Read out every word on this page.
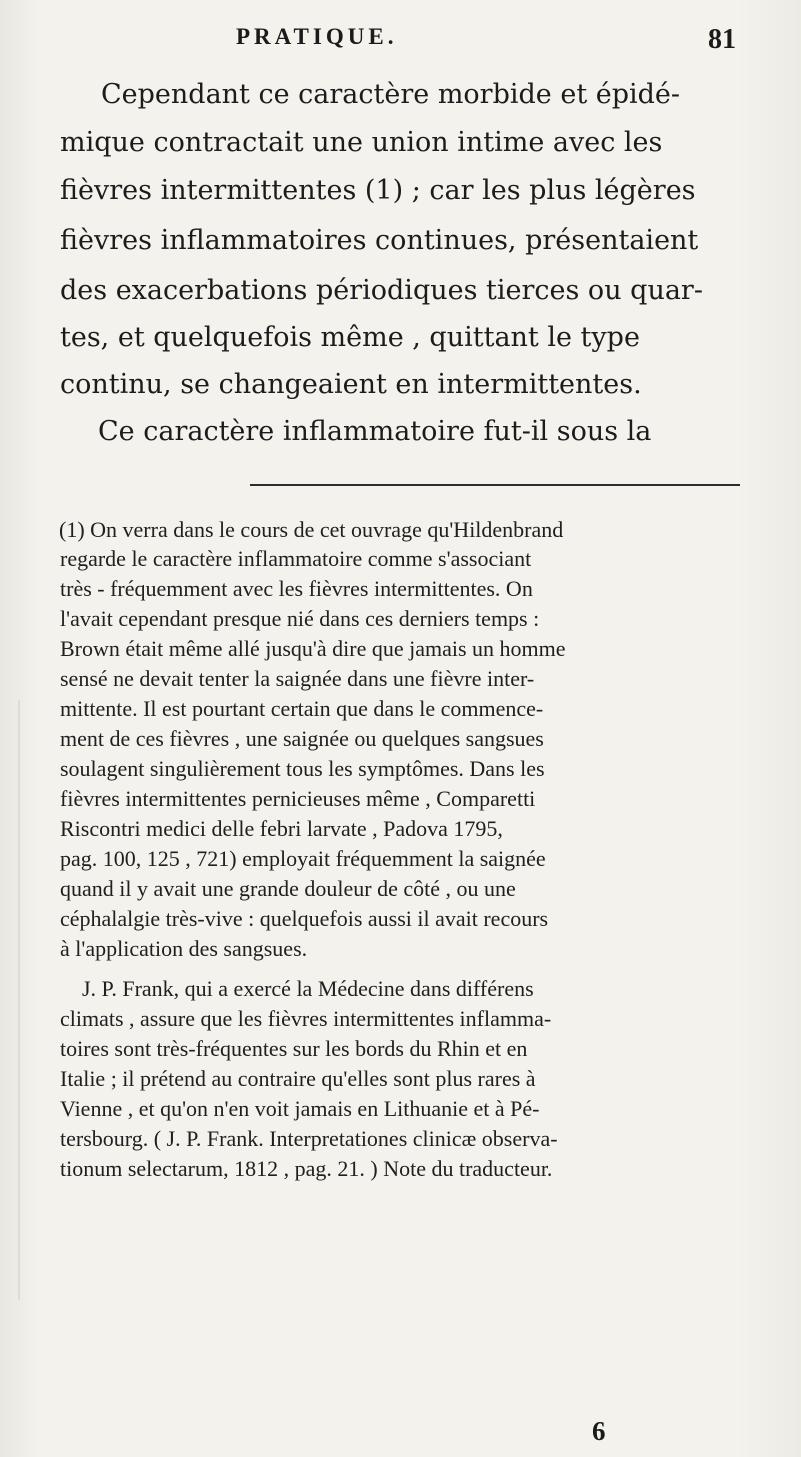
PRATIQUE.	81
Cependant ce caractère morbide et épidé-
mique contractait une union intime avec les
fièvres intermittentes (1) ; car les plus légères
fièvres inflammatoires continues, présentaient
des exacerbations périodiques tierces ou quar-
tes, et quelquefois même , quittant le type
continu, se changeaient en intermittentes.
Ce caractère inflammatoire fut-il sous la
(1) On verra dans le cours de cet ouvrage qu'Hildenbrand
regarde le caractère inflammatoire comme s'associant
très - fréquemment avec les fièvres intermittentes. On
l'avait cependant presque nié dans ces derniers temps :
Brown était même allé jusqu'à dire que jamais un homme
sensé ne devait tenter la saignée dans une fièvre inter-
mittente. Il est pourtant certain que dans le commence-
ment de ces fièvres , une saignée ou quelques sangsues
soulagent singulièrement tous les symptômes. Dans les
fièvres intermittentes pernicieuses même , Comparetti
Riscontri medici delle febri larvate , Padova 1795,
pag. 100, 125 , 721) employait fréquemment la saignée
quand il y avait une grande douleur de côté , ou une
céphalalgie très-vive : quelquefois aussi il avait recours
à l'application des sangsues.
J. P. Frank, qui a exercé la Médecine dans différens
climats , assure que les fièvres intermittentes inflamma-
toires sont très-fréquentes sur les bords du Rhin et en
Italie ; il prétend au contraire qu'elles sont plus rares à
Vienne , et qu'on n'en voit jamais en Lithuanie et à Pé-
tersbourg. ( J. P. Frank. Interpretationes clinicæ observa-
tionum selectarum, 1812 , pag. 21. ) Note du traducteur.
6
